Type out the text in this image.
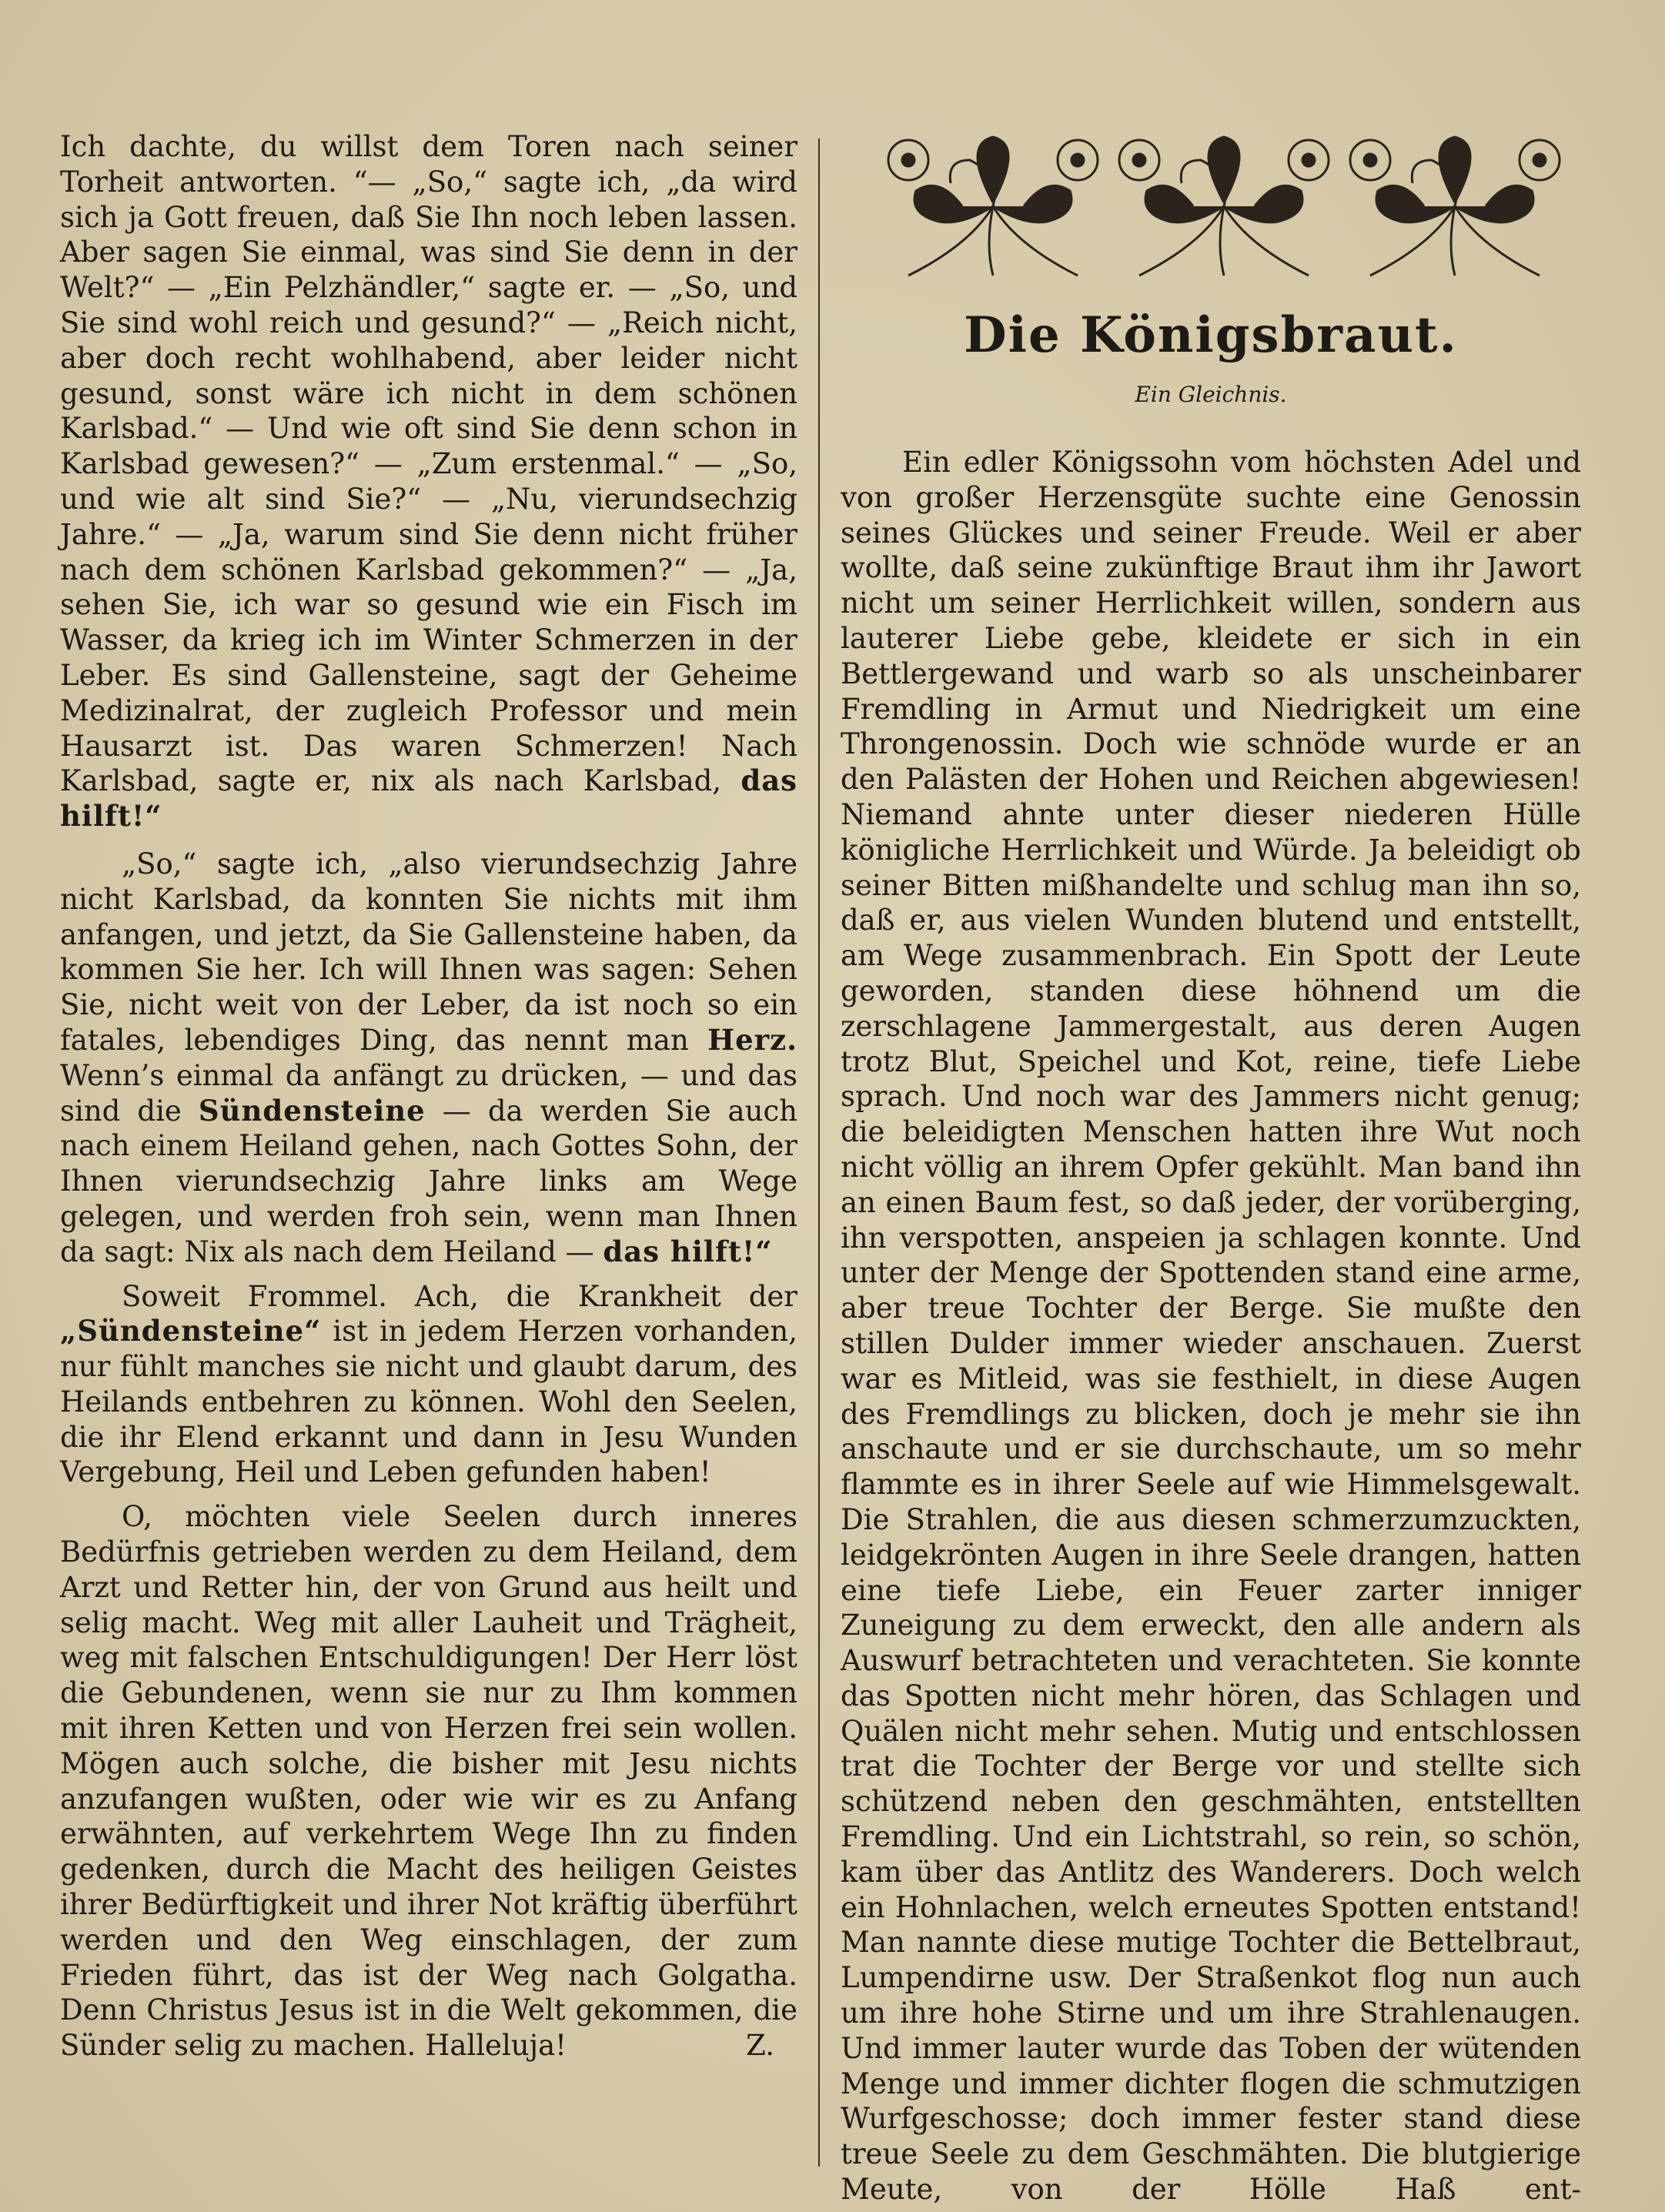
Ich dachte, du willst dem Toren nach seiner Torheit antworten. “— „So,“ sagte ich, „da wird sich ja Gott freuen, daß Sie Ihn noch leben lassen. Aber sagen Sie einmal, was sind Sie denn in der Welt?“ — „Ein Pelzhändler,“ sagte er. — „So, und Sie sind wohl reich und gesund?“ — „Reich nicht, aber doch recht wohlhabend, aber leider nicht gesund, sonst wäre ich nicht in dem schönen Karlsbad.“ — Und wie oft sind Sie denn schon in Karlsbad gewesen?“ — „Zum erstenmal.“ — „So, und wie alt sind Sie?“ — „Nu, vierundsechzig Jahre.“ — „Ja, warum sind Sie denn nicht früher nach dem schönen Karlsbad gekommen?“ — „Ja, sehen Sie, ich war so gesund wie ein Fisch im Wasser, da krieg ich im Winter Schmerzen in der Leber. Es sind Gallensteine, sagt der Geheime Medizinalrat, der zugleich Professor und mein Hausarzt ist. Das waren Schmerzen! Nach Karlsbad, sagte er, nix als nach Karlsbad, das hilft!“

„So,“ sagte ich, „also vierundsechzig Jahre nicht Karlsbad, da konnten Sie nichts mit ihm anfangen, und jetzt, da Sie Gallensteine haben, da kommen Sie her. Ich will Ihnen was sagen: Sehen Sie, nicht weit von der Leber, da ist noch so ein fatales, lebendiges Ding, das nennt man Herz. Wenn’s einmal da anfängt zu drücken, — und das sind die Sündensteine — da werden Sie auch nach einem Heiland gehen, nach Gottes Sohn, der Ihnen vierundsechzig Jahre links am Wege gelegen, und werden froh sein, wenn man Ihnen da sagt: Nix als nach dem Heiland — das hilft!“

Soweit Frommel. Ach, die Krankheit der „Sündensteine“ ist in jedem Herzen vorhanden, nur fühlt manches sie nicht und glaubt darum, des Heilands entbehren zu können. Wohl den Seelen, die ihr Elend erkannt und dann in Jesu Wunden Vergebung, Heil und Leben gefunden haben!

O, möchten viele Seelen durch inneres Bedürfnis getrieben werden zu dem Heiland, dem Arzt und Retter hin, der von Grund aus heilt und selig macht. Weg mit aller Lauheit und Trägheit, weg mit falschen Entschuldigungen! Der Herr löst die Gebundenen, wenn sie nur zu Ihm kommen mit ihren Ketten und von Herzen frei sein wollen. Mögen auch solche, die bisher mit Jesu nichts anzufangen wußten, oder wie wir es zu Anfang erwähnten, auf verkehrtem Wege Ihn zu finden gedenken, durch die Macht des heiligen Geistes ihrer Bedürftigkeit und ihrer Not kräftig überführt werden und den Weg einschlagen, der zum Frieden führt, das ist der Weg nach Golgatha. Denn Christus Jesus ist in die Welt gekommen, die Sünder selig zu machen. Halleluja!	Z.

Die Königsbraut.

Ein Gleichnis.

Ein edler Königssohn vom höchsten Adel und von großer Herzensgüte suchte eine Genossin seines Glückes und seiner Freude. Weil er aber wollte, daß seine zukünftige Braut ihm ihr Jawort nicht um seiner Herrlichkeit willen, sondern aus lauterer Liebe gebe, kleidete er sich in ein Bettlergewand und warb so als unscheinbarer Fremdling in Armut und Niedrigkeit um eine Throngenossin. Doch wie schnöde wurde er an den Palästen der Hohen und Reichen abgewiesen! Niemand ahnte unter dieser niederen Hülle königliche Herrlichkeit und Würde. Ja beleidigt ob seiner Bitten mißhandelte und schlug man ihn so, daß er, aus vielen Wunden blutend und entstellt, am Wege zusammenbrach. Ein Spott der Leute geworden, standen diese höhnend um die zerschlagene Jammergestalt, aus deren Augen trotz Blut, Speichel und Kot, reine, tiefe Liebe sprach. Und noch war des Jammers nicht genug; die beleidigten Menschen hatten ihre Wut noch nicht völlig an ihrem Opfer gekühlt. Man band ihn an einen Baum fest, so daß jeder, der vorüberging, ihn verspotten, anspeien ja schlagen konnte. Und unter der Menge der Spottenden stand eine arme, aber treue Tochter der Berge. Sie mußte den stillen Dulder immer wieder anschauen. Zuerst war es Mitleid, was sie festhielt, in diese Augen des Fremdlings zu blicken, doch je mehr sie ihn anschaute und er sie durchschaute, um so mehr flammte es in ihrer Seele auf wie Himmelsgewalt. Die Strahlen, die aus diesen schmerzumzuckten, leidgekrönten Augen in ihre Seele drangen, hatten eine tiefe Liebe, ein Feuer zarter inniger Zuneigung zu dem erweckt, den alle andern als Auswurf betrachteten und verachteten. Sie konnte das Spotten nicht mehr hören, das Schlagen und Quälen nicht mehr sehen. Mutig und entschlossen trat die Tochter der Berge vor und stellte sich schützend neben den geschmähten, entstellten Fremdling. Und ein Lichtstrahl, so rein, so schön, kam über das Antlitz des Wanderers. Doch welch ein Hohnlachen, welch erneutes Spotten entstand! Man nannte diese mutige Tochter die Bettelbraut, Lumpendirne usw. Der Straßenkot flog nun auch um ihre hohe Stirne und um ihre Strahlenaugen. Und immer lauter wurde das Toben der wütenden Menge und immer dichter flogen die schmutzigen Wurfgeschosse; doch immer fester stand diese treue Seele zu dem Geschmähten. Die blutgierige Meute, von der Hölle Haß ent-
